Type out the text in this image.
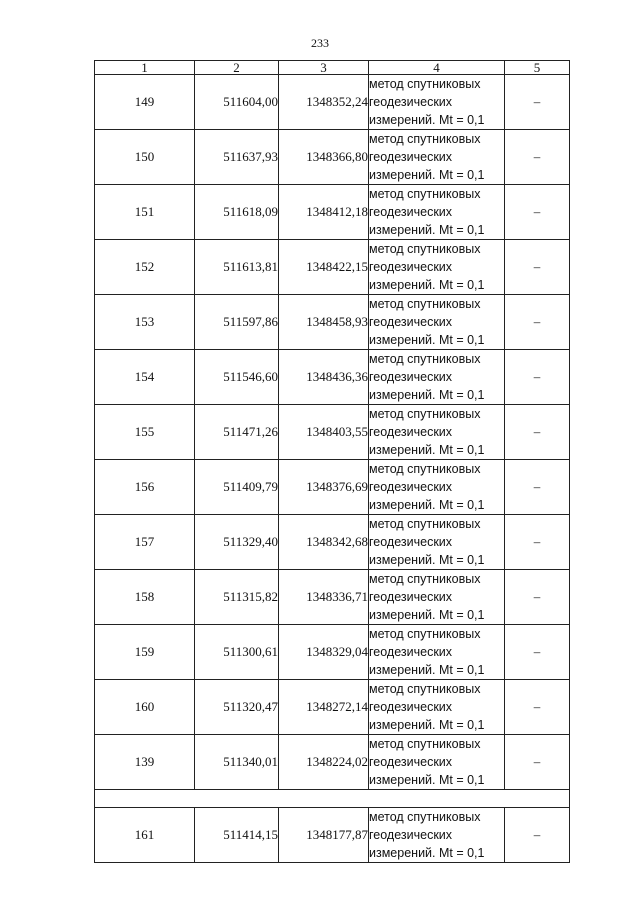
233
1	2	3	4	5
149	511604,00	1348352,24	метод спутниковых
геодезических
измерений. Mt = 0,1	–
150	511637,93	1348366,80	метод спутниковых
геодезических
измерений. Mt = 0,1	–
151	511618,09	1348412,18	метод спутниковых
геодезических
измерений. Mt = 0,1	–
152	511613,81	1348422,15	метод спутниковых
геодезических
измерений. Mt = 0,1	–
153	511597,86	1348458,93	метод спутниковых
геодезических
измерений. Mt = 0,1	–
154	511546,60	1348436,36	метод спутниковых
геодезических
измерений. Mt = 0,1	–
155	511471,26	1348403,55	метод спутниковых
геодезических
измерений. Mt = 0,1	–
156	511409,79	1348376,69	метод спутниковых
геодезических
измерений. Mt = 0,1	–
157	511329,40	1348342,68	метод спутниковых
геодезических
измерений. Mt = 0,1	–
158	511315,82	1348336,71	метод спутниковых
геодезических
измерений. Mt = 0,1	–
159	511300,61	1348329,04	метод спутниковых
геодезических
измерений. Mt = 0,1	–
160	511320,47	1348272,14	метод спутниковых
геодезических
измерений. Mt = 0,1	–
139	511340,01	1348224,02	метод спутниковых
геодезических
измерений. Mt = 0,1	–

161	511414,15	1348177,87	метод спутниковых
геодезических
измерений. Mt = 0,1	–
